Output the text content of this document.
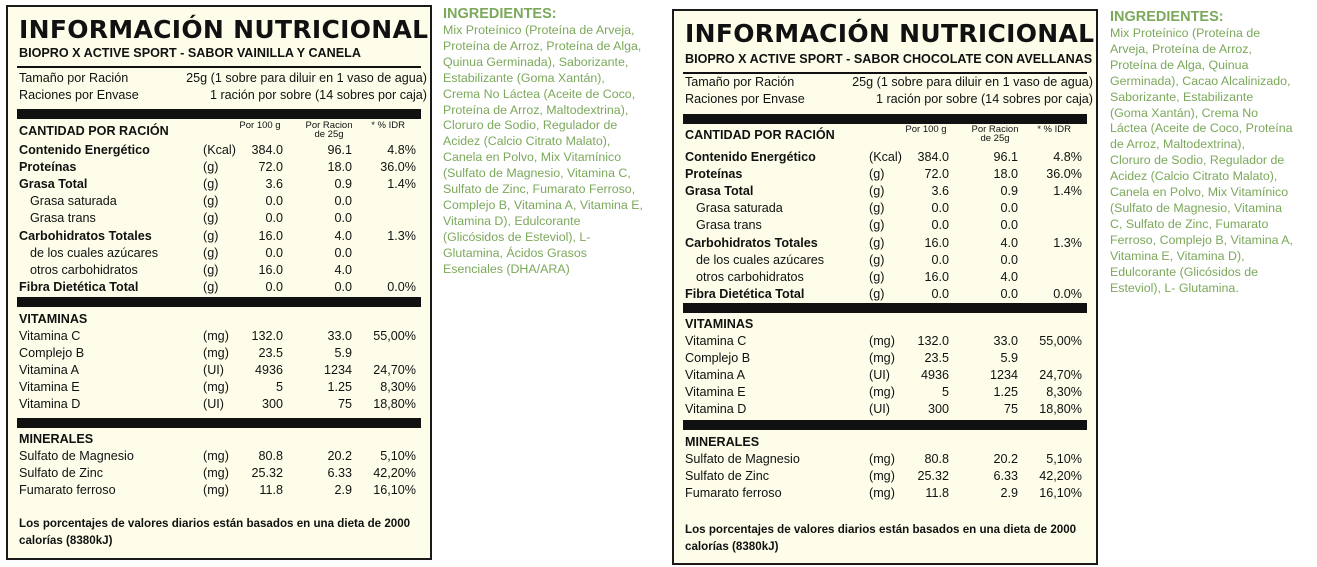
INFORMACIÓN NUTRICIONAL
BIOPRO X ACTIVE SPORT - SABOR VAINILLA Y CANELA
Tamaño por Ración	25g (1 sobre para diluir en 1 vaso de agua)
Raciones por Envase	1 ración por sobre (14 sobres por caja)
CANTIDAD POR RACIÓN	Por 100 g	Por Racion
de 25g
* % IDR
Contenido Energético	(Kcal) 384.0	96.1	4.8%
Proteínas	(g)	72.0	18.0 36.0%
Grasa Total	(g)	3.6	0.9	1.4%
Grasa saturada	(g)	0.0	0.0
Grasa trans	(g)	0.0	0.0
Carbohidratos Totales	(g)	16.0	4.0	1.3%
de los cuales azúcares	(g)	0.0	0.0
otros carbohidratos	(g)	16.0	4.0
Fibra Dietética Total	(g)	0.0	0.0	0.0%
VITAMINAS
Vitamina C	(mg) 132.0	33.0 55,00%
Complejo B	(mg) 23.5	5.9
Vitamina A	(UI) 4936	1234 24,70%
Vitamina E	(mg)	5	1.25 8,30%
Vitamina D	(UI)	300	75 18,80%
MINERALES
Sulfato de Magnesio	(mg) 80.8	20.2 5,10%
Sulfato de Zinc	(mg) 25.32	6.33 42,20%
Fumarato ferroso	(mg) 11.8	2.9 16,10%
Los porcentajes de valores diarios están basados en una dieta de 2000 calorías (8380kJ)
INFORMACIÓN NUTRICIONAL
BIOPRO X ACTIVE SPORT - SABOR CHOCOLATE CON AVELLANAS
Tamaño por Ración	25g (1 sobre para diluir en 1 vaso de agua)
Raciones por Envase	1 ración por sobre (14 sobres por caja)
CANTIDAD POR RACIÓN	Por 100 g	Por Racion
de 25g
* % IDR
Contenido Energético	(Kcal) 384.0	96.1	4.8%
Proteínas	(g)	72.0	18.0 36.0%
Grasa Total	(g)	3.6	0.9	1.4%
Grasa saturada	(g)	0.0	0.0
Grasa trans	(g)	0.0	0.0
Carbohidratos Totales	(g)	16.0	4.0	1.3%
de los cuales azúcares	(g)	0.0	0.0
otros carbohidratos	(g)	16.0	4.0
Fibra Dietética Total	(g)	0.0	0.0	0.0%
VITAMINAS
Vitamina C	(mg) 132.0	33.0 55,00%
Complejo B	(mg) 23.5	5.9
Vitamina A	(UI) 4936	1234 24,70%
Vitamina E	(mg)	5	1.25 8,30%
Vitamina D	(UI)	300	75 18,80%
MINERALES
Sulfato de Magnesio	(mg) 80.8	20.2 5,10%
Sulfato de Zinc	(mg) 25.32	6.33 42,20%
Fumarato ferroso	(mg) 11.8	2.9 16,10%
Los porcentajes de valores diarios están basados en una dieta de 2000 calorías (8380kJ)
INGREDIENTES:
Mix Proteínico (Proteína de Arveja,
Proteína de Arroz, Proteína de Alga,
Quinua Germinada), Saborizante,
Estabilizante (Goma Xantán),
Crema No Láctea (Aceite de Coco,
Proteína de Arroz, Maltodextrina),
Cloruro de Sodio, Regulador de
Acidez (Calcio Citrato Malato),
Canela en Polvo, Mix Vitamínico
(Sulfato de Magnesio, Vitamina C,
Sulfato de Zinc, Fumarato Ferroso,
Complejo B, Vitamina A, Vitamina E,
Vitamina D), Edulcorante
(Glicósidos de Esteviol), L-
Glutamina, Ácidos Grasos
Esenciales (DHA/ARA)
INGREDIENTES:
Mix Proteínico (Proteína de
Arveja, Proteína de Arroz,
Proteína de Alga, Quinua
Germinada), Cacao Alcalinizado,
Saborizante, Estabilizante
(Goma Xantán), Crema No
Láctea (Aceite de Coco, Proteína
de Arroz, Maltodextrina),
Cloruro de Sodio, Regulador de
Acidez (Calcio Citrato Malato),
Canela en Polvo, Mix Vitamínico
(Sulfato de Magnesio, Vitamina
C, Sulfato de Zinc, Fumarato
Ferroso, Complejo B, Vitamina A,
Vitamina E, Vitamina D),
Edulcorante (Glicósidos de
Esteviol), L- Glutamina.
